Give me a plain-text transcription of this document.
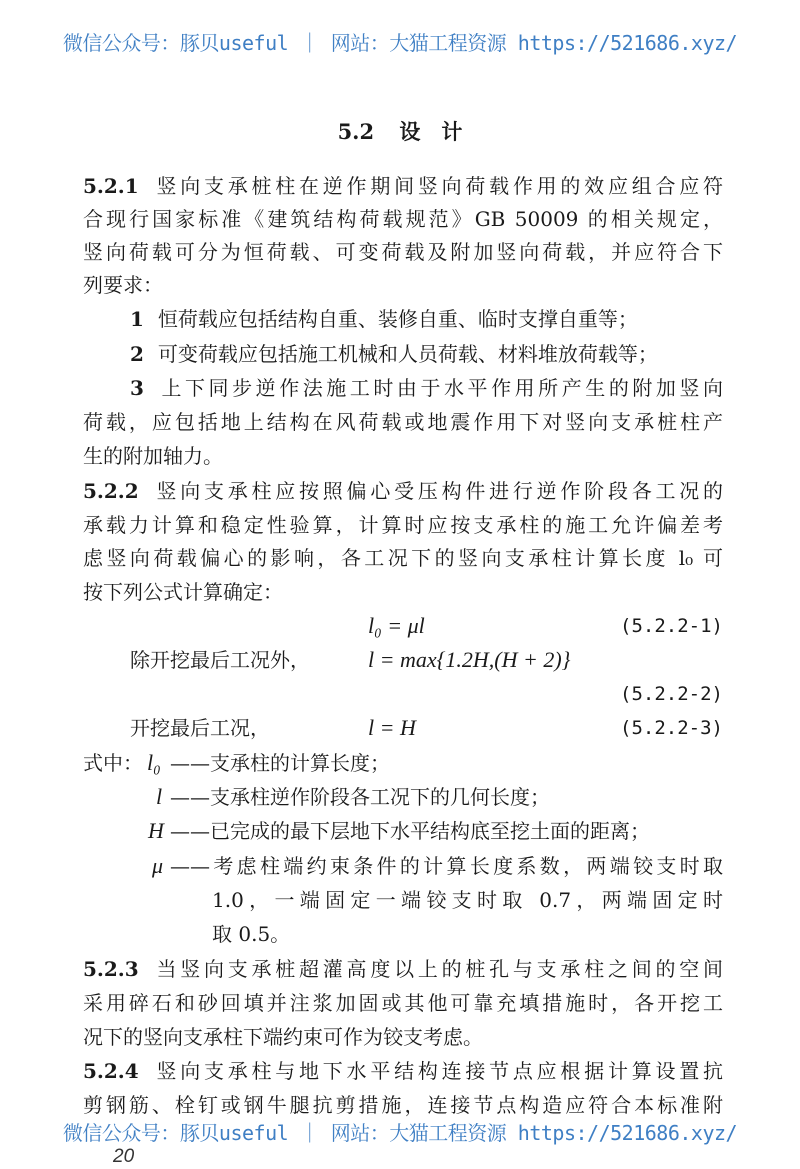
微信公众号：豚贝useful ｜ 网站：大猫工程资源 https://521686.xyz/
5.2 设　计
5.2.1 竖向支承桩柱在逆作期间竖向荷载作用的效应组合应符
合现行国家标准《建筑结构荷载规范》GB 50009 的相关规定，
竖向荷载可分为恒荷载、可变荷载及附加竖向荷载，并应符合下
列要求：
1 恒荷载应包括结构自重、装修自重、临时支撑自重等；
2 可变荷载应包括施工机械和人员荷载、材料堆放荷载等；
3 上下同步逆作法施工时由于水平作用所产生的附加竖向
荷载，应包括地上结构在风荷载或地震作用下对竖向支承桩柱产
生的附加轴力。
5.2.2 竖向支承柱应按照偏心受压构件进行逆作阶段各工况的
承载力计算和稳定性验算，计算时应按支承柱的施工允许偏差考
虑竖向荷载偏心的影响，各工况下的竖向支承柱计算长度 l₀ 可
按下列公式计算确定：
l₀ = μl	(5.2.2-1)
除开挖最后工况外，	l = max{1.2H,(H + 2)}
(5.2.2-2)
开挖最后工况，	l = H	(5.2.2-3)
式中： l₀ ——支承柱的计算长度；
l ——支承柱逆作阶段各工况下的几何长度；
H ——已完成的最下层地下水平结构底至挖土面的距离；
μ ——考虑柱端约束条件的计算长度系数，两端铰支时取
1.0，一端固定一端铰支时取 0.7，两端固定时
取 0.5。
5.2.3 当竖向支承桩超灌高度以上的桩孔与支承柱之间的空间
采用碎石和砂回填并注浆加固或其他可靠充填措施时，各开挖工
况下的竖向支承柱下端约束可作为铰支考虑。
5.2.4 竖向支承柱与地下水平结构连接节点应根据计算设置抗
剪钢筋、栓钉或钢牛腿抗剪措施，连接节点构造应符合本标准附
微信公众号：豚贝useful ｜ 网站：大猫工程资源 https://521686.xyz/
20
